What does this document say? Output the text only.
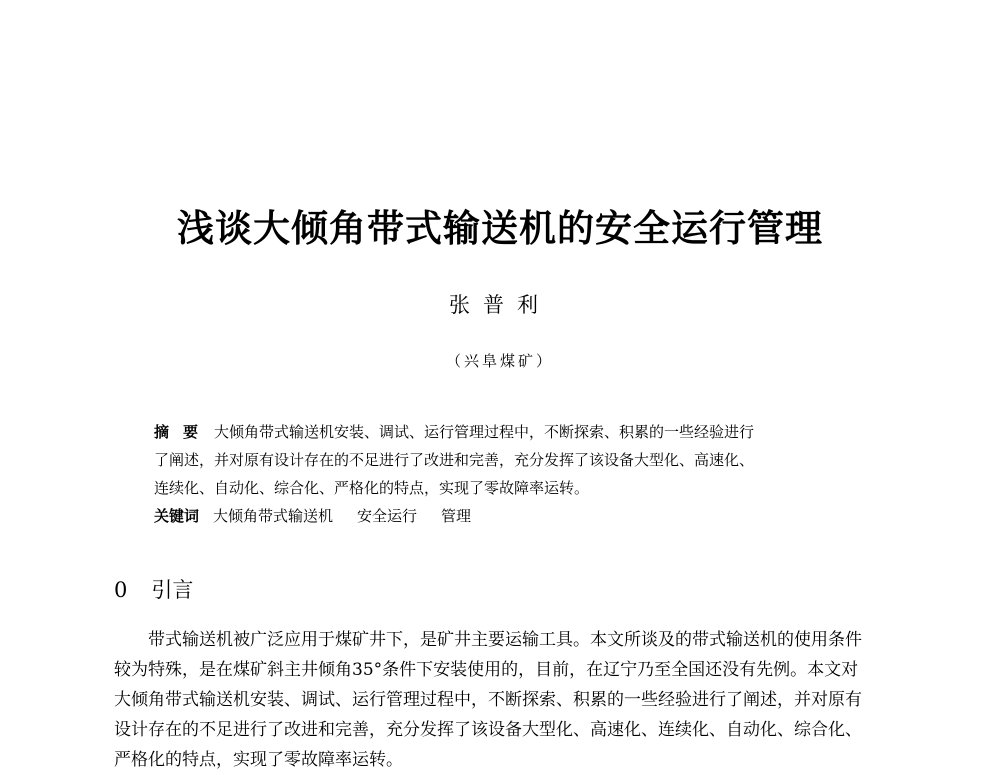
浅谈大倾角带式输送机的安全运行管理
张普利
（兴阜煤矿）
摘要 大倾角带式输送机安装、调试、运行管理过程中，不断探索、积累的一些经验进行
了阐述，并对原有设计存在的不足进行了改进和完善，充分发挥了该设备大型化、高速化、
连续化、自动化、综合化、严格化的特点，实现了零故障率运转。
关键词 大倾角带式输送机 安全运行 管理
0 引言
带式输送机被广泛应用于煤矿井下，是矿井主要运输工具。本文所谈及的带式输送机的使用条件
较为特殊，是在煤矿斜主井倾角35°条件下安装使用的，目前，在辽宁乃至全国还没有先例。本文对
大倾角带式输送机安装、调试、运行管理过程中，不断探索、积累的一些经验进行了阐述，并对原有
设计存在的不足进行了改进和完善，充分发挥了该设备大型化、高速化、连续化、自动化、综合化、
严格化的特点，实现了零故障率运转。
